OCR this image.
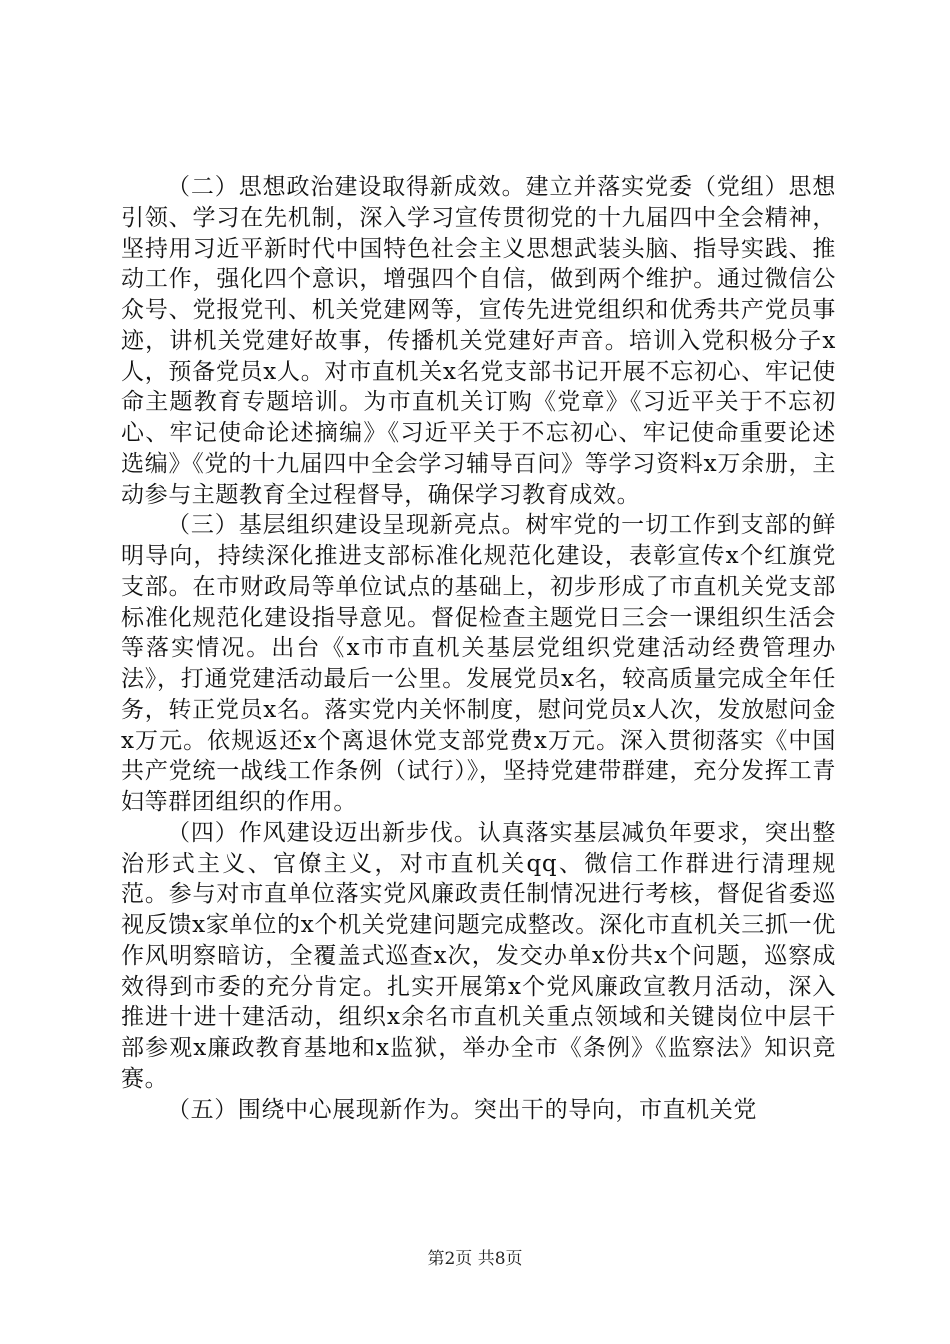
（二）思想政治建设取得新成效。建立并落实党委（党组）思想引领、学习在先机制，深入学习宣传贯彻党的十九届四中全会精神，坚持用习近平新时代中国特色社会主义思想武装头脑、指导实践、推动工作，强化四个意识，增强四个自信，做到两个维护。通过微信公众号、党报党刊、机关党建网等，宣传先进党组织和优秀共产党员事迹，讲机关党建好故事，传播机关党建好声音。培训入党积极分子x人，预备党员x人。对市直机关x名党支部书记开展不忘初心、牢记使命主题教育专题培训。为市直机关订购《党章》《习近平关于不忘初心、牢记使命论述摘编》《习近平关于不忘初心、牢记使命重要论述选编》《党的十九届四中全会学习辅导百问》等学习资料x万余册，主动参与主题教育全过程督导，确保学习教育成效。

（三）基层组织建设呈现新亮点。树牢党的一切工作到支部的鲜明导向，持续深化推进支部标准化规范化建设，表彰宣传x个红旗党支部。在市财政局等单位试点的基础上，初步形成了市直机关党支部标准化规范化建设指导意见。督促检查主题党日三会一课组织生活会等落实情况。出台《x市市直机关基层党组织党建活动经费管理办法》，打通党建活动最后一公里。发展党员x名，较高质量完成全年任务，转正党员x名。落实党内关怀制度，慰问党员x人次，发放慰问金x万元。依规返还x个离退休党支部党费x万元。深入贯彻落实《中国共产党统一战线工作条例（试行）》，坚持党建带群建，充分发挥工青妇等群团组织的作用。

（四）作风建设迈出新步伐。认真落实基层减负年要求，突出整治形式主义、官僚主义，对市直机关qq、微信工作群进行清理规范。参与对市直单位落实党风廉政责任制情况进行考核，督促省委巡视反馈x家单位的x个机关党建问题完成整改。深化市直机关三抓一优作风明察暗访，全覆盖式巡查x次，发交办单x份共x个问题，巡察成效得到市委的充分肯定。扎实开展第x个党风廉政宣教月活动，深入推进十进十建活动，组织x余名市直机关重点领域和关键岗位中层干部参观x廉政教育基地和x监狱，举办全市《条例》《监察法》知识竞赛。

（五）围绕中心展现新作为。突出干的导向，市直机关党

第2页 共8页
